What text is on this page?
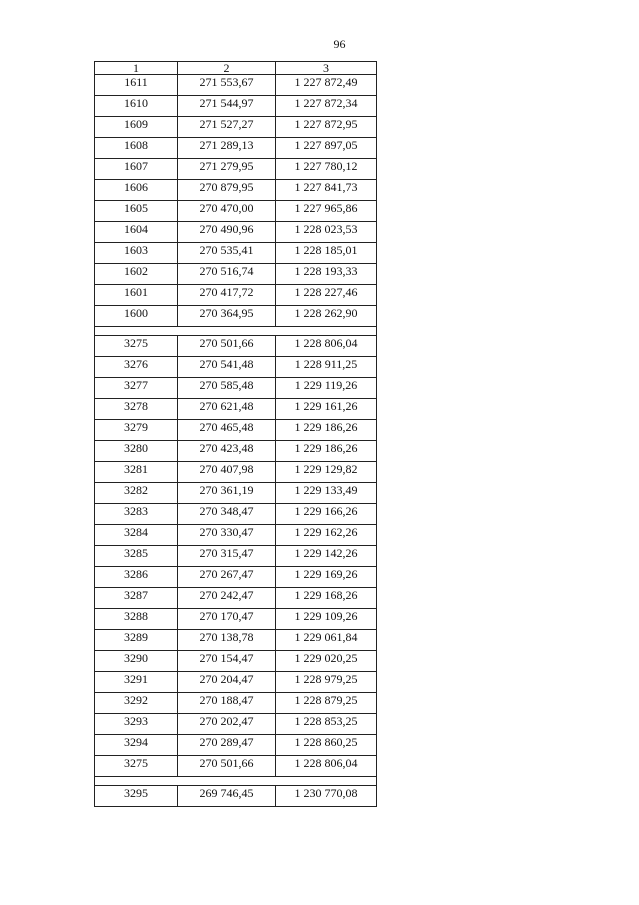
96
1	2	3
1611	271 553,67	1 227 872,49
1610	271 544,97	1 227 872,34
1609	271 527,27	1 227 872,95
1608	271 289,13	1 227 897,05
1607	271 279,95	1 227 780,12
1606	270 879,95	1 227 841,73
1605	270 470,00	1 227 965,86
1604	270 490,96	1 228 023,53
1603	270 535,41	1 228 185,01
1602	270 516,74	1 228 193,33
1601	270 417,72	1 228 227,46
1600	270 364,95	1 228 262,90

3275	270 501,66	1 228 806,04
3276	270 541,48	1 228 911,25
3277	270 585,48	1 229 119,26
3278	270 621,48	1 229 161,26
3279	270 465,48	1 229 186,26
3280	270 423,48	1 229 186,26
3281	270 407,98	1 229 129,82
3282	270 361,19	1 229 133,49
3283	270 348,47	1 229 166,26
3284	270 330,47	1 229 162,26
3285	270 315,47	1 229 142,26
3286	270 267,47	1 229 169,26
3287	270 242,47	1 229 168,26
3288	270 170,47	1 229 109,26
3289	270 138,78	1 229 061,84
3290	270 154,47	1 229 020,25
3291	270 204,47	1 228 979,25
3292	270 188,47	1 228 879,25
3293	270 202,47	1 228 853,25
3294	270 289,47	1 228 860,25
3275	270 501,66	1 228 806,04

3295	269 746,45	1 230 770,08
